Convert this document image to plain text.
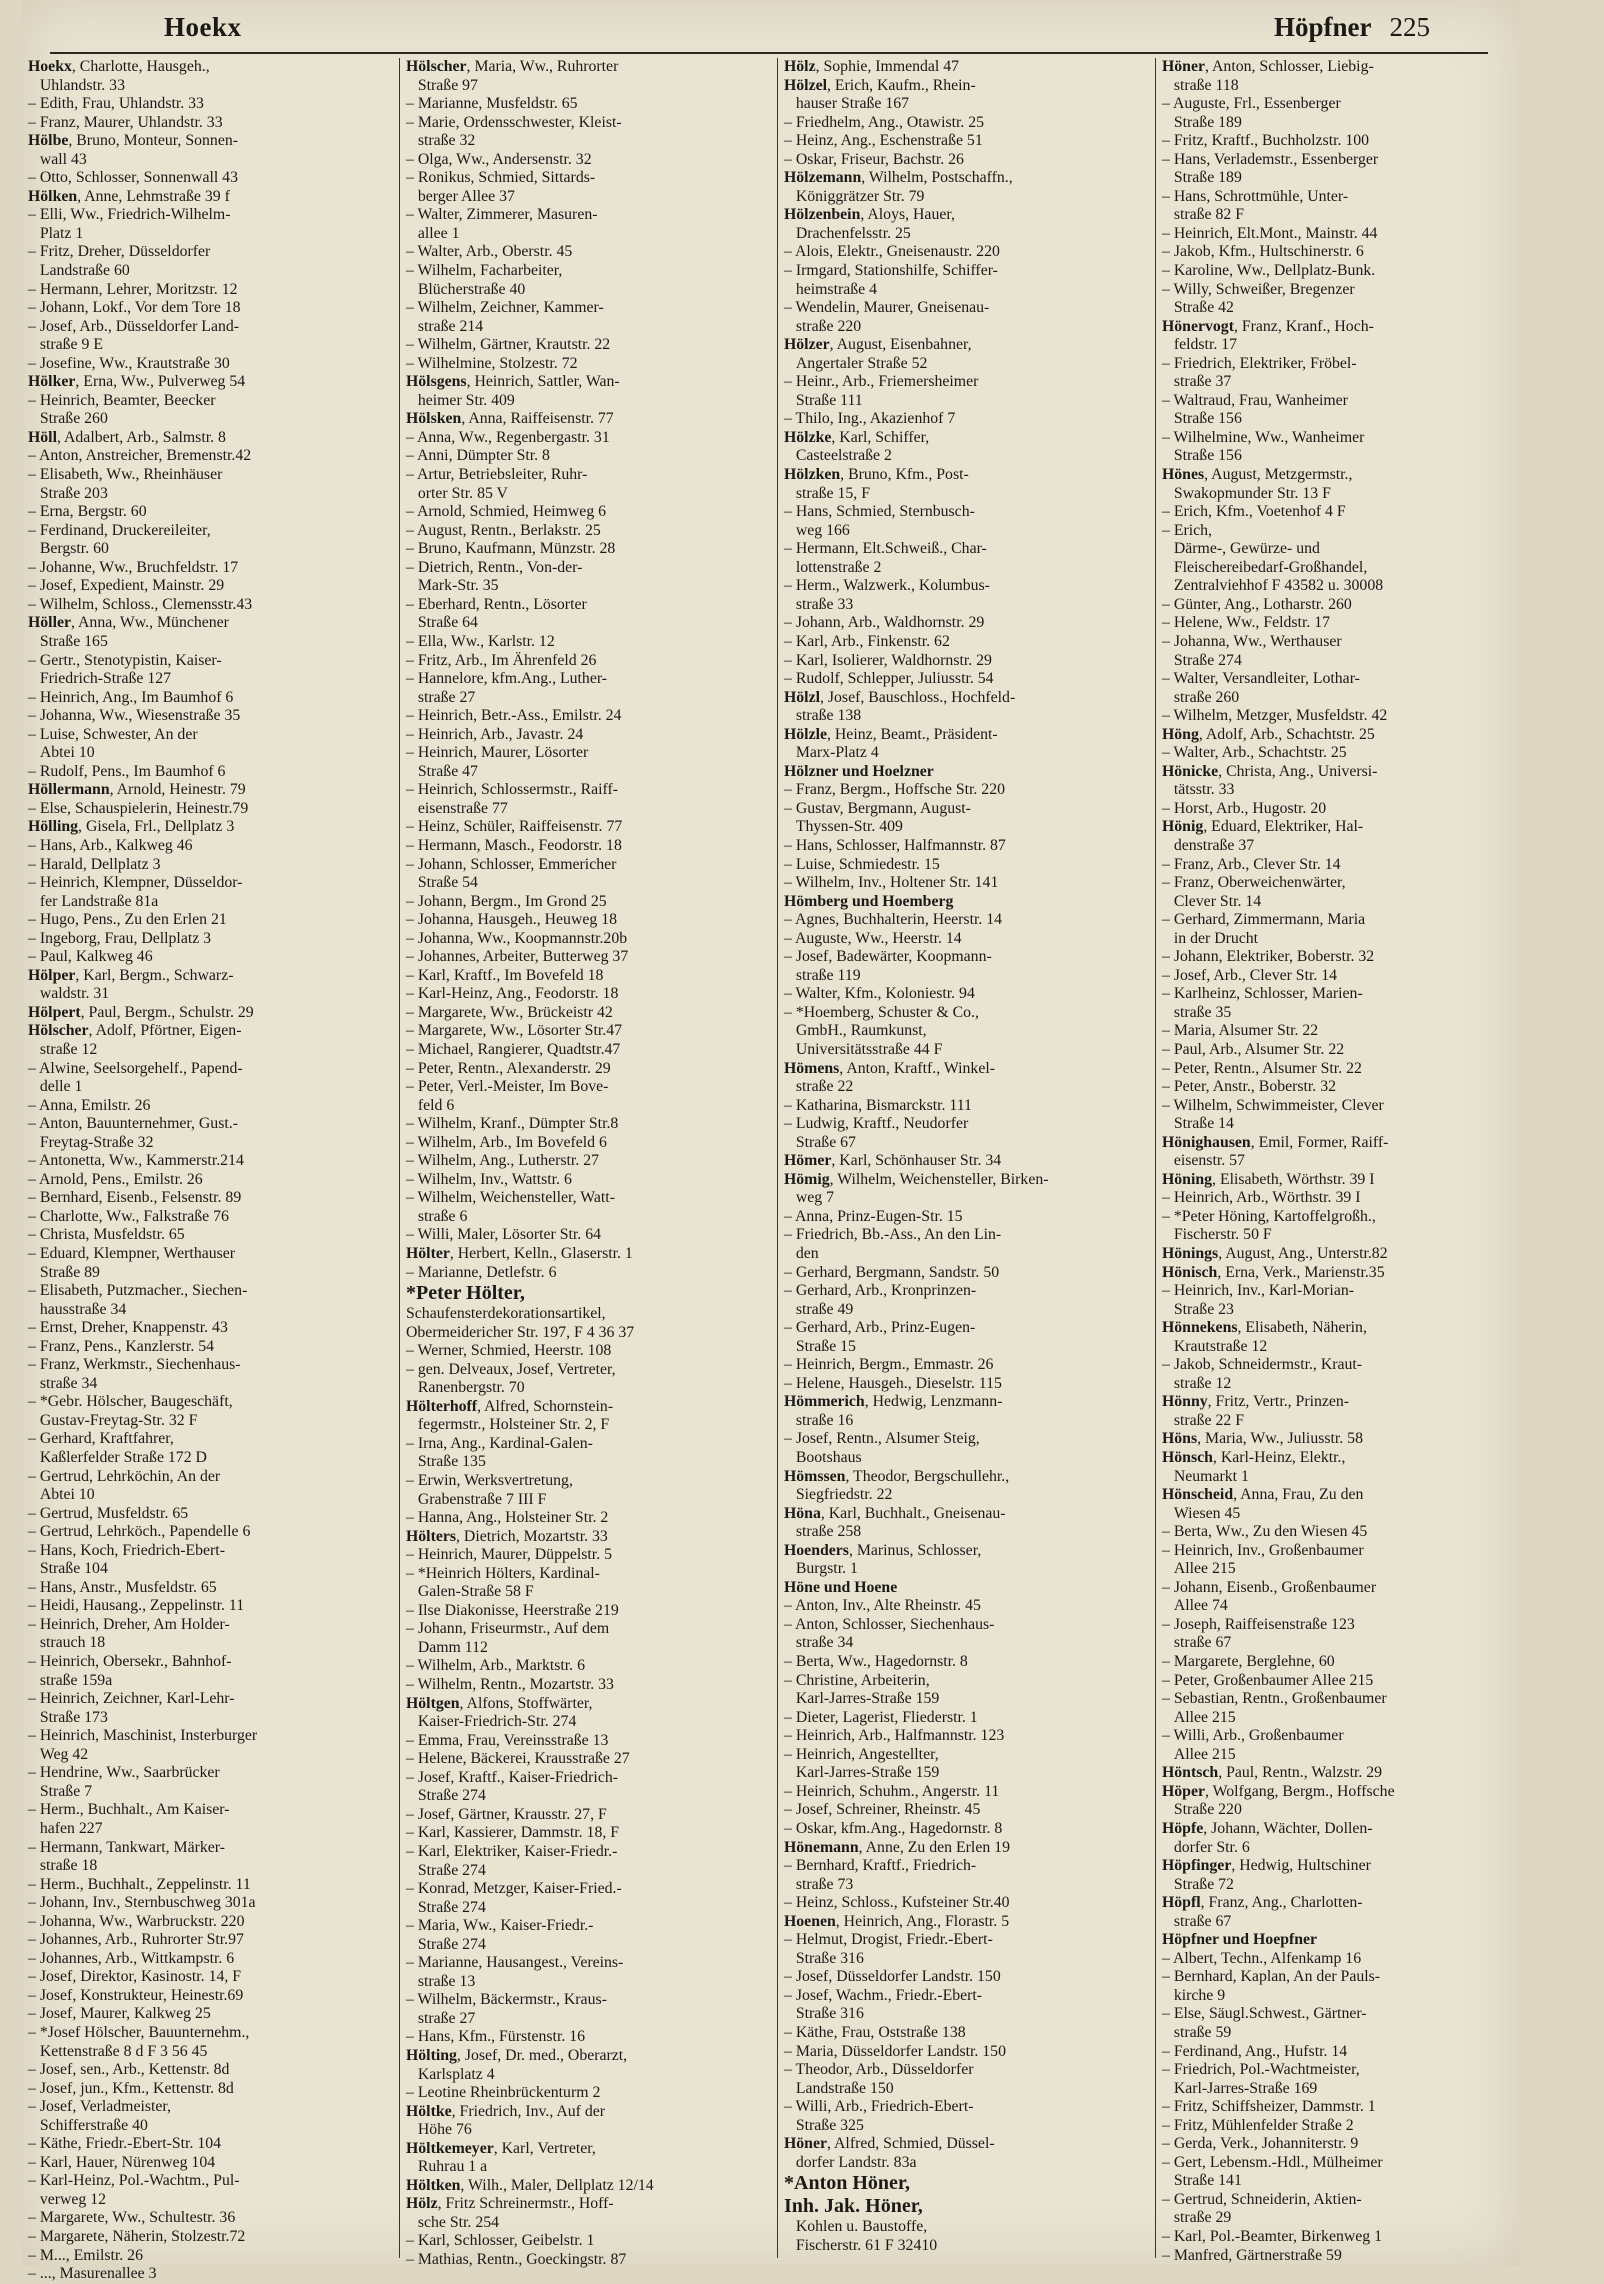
Hoekx	Höpfner 225
Hoekx, Charlotte, Hausgeh.,
Uhlandstr. 33
– Edith, Frau, Uhlandstr. 33
– Franz, Maurer, Uhlandstr. 33
Hölbe, Bruno, Monteur, Sonnen-
wall 43
– Otto, Schlosser, Sonnenwall 43
Hölken, Anne, Lehmstraße 39 f
– Elli, Ww., Friedrich-Wilhelm-
Platz 1
– Fritz, Dreher, Düsseldorfer
Landstraße 60
– Hermann, Lehrer, Moritzstr. 12
– Johann, Lokf., Vor dem Tore 18
– Josef, Arb., Düsseldorfer Land-
straße 9 E
– Josefine, Ww., Krautstraße 30
Hölker, Erna, Ww., Pulverweg 54
– Heinrich, Beamter, Beecker
Straße 260
Höll, Adalbert, Arb., Salmstr. 8
– Anton, Anstreicher, Bremenstr.42
– Elisabeth, Ww., Rheinhäuser
Straße 203
– Erna, Bergstr. 60
– Ferdinand, Druckereileiter,
Bergstr. 60
– Johanne, Ww., Bruchfeldstr. 17
– Josef, Expedient, Mainstr. 29
– Wilhelm, Schloss., Clemensstr.43
Höller, Anna, Ww., Münchener
Straße 165
– Gertr., Stenotypistin, Kaiser-
Friedrich-Straße 127
– Heinrich, Ang., Im Baumhof 6
– Johanna, Ww., Wiesenstraße 35
– Luise, Schwester, An der
Abtei 10
– Rudolf, Pens., Im Baumhof 6
Höllermann, Arnold, Heinestr. 79
– Else, Schauspielerin, Heinestr.79
Hölling, Gisela, Frl., Dellplatz 3
– Hans, Arb., Kalkweg 46
– Harald, Dellplatz 3
– Heinrich, Klempner, Düsseldor-
fer Landstraße 81a
– Hugo, Pens., Zu den Erlen 21
– Ingeborg, Frau, Dellplatz 3
– Paul, Kalkweg 46
Hölper, Karl, Bergm., Schwarz-
waldstr. 31
Hölpert, Paul, Bergm., Schulstr. 29
Hölscher, Adolf, Pförtner, Eigen-
straße 12
– Alwine, Seelsorgehelf., Papend-
delle 1
– Anna, Emilstr. 26
– Anton, Bauunternehmer, Gust.-
Freytag-Straße 32
– Antonetta, Ww., Kammerstr.214
– Arnold, Pens., Emilstr. 26
– Bernhard, Eisenb., Felsenstr. 89
– Charlotte, Ww., Falkstraße 76
– Christa, Musfeldstr. 65
– Eduard, Klempner, Werthauser
Straße 89
– Elisabeth, Putzmacher., Siechen-
hausstraße 34
– Ernst, Dreher, Knappenstr. 43
– Franz, Pens., Kanzlerstr. 54
– Franz, Werkmstr., Siechenhaus-
straße 34
– *Gebr. Hölscher, Baugeschäft,
Gustav-Freytag-Str. 32 F
– Gerhard, Kraftfahrer,
Kaßlerfelder Straße 172 D
– Gertrud, Lehrköchin, An der
Abtei 10
– Gertrud, Musfeldstr. 65
– Gertrud, Lehrköch., Papendelle 6
– Hans, Koch, Friedrich-Ebert-
Straße 104
– Hans, Anstr., Musfeldstr. 65
– Heidi, Hausang., Zeppelinstr. 11
– Heinrich, Dreher, Am Holder-
strauch 18
– Heinrich, Obersekr., Bahnhof-
straße 159a
– Heinrich, Zeichner, Karl-Lehr-
Straße 173
– Heinrich, Maschinist, Insterburger
Weg 42
– Hendrine, Ww., Saarbrücker
Straße 7
– Herm., Buchhalt., Am Kaiser-
hafen 227
– Hermann, Tankwart, Märker-
straße 18
– Herm., Buchhalt., Zeppelinstr. 11
– Johann, Inv., Sternbuschweg 301a
– Johanna, Ww., Warbruckstr. 220
– Johannes, Arb., Ruhrorter Str.97
– Johannes, Arb., Wittkampstr. 6
– Josef, Direktor, Kasinostr. 14, F
– Josef, Konstrukteur, Heinestr.69
– Josef, Maurer, Kalkweg 25
– *Josef Hölscher, Bauunternehm.,
Kettenstraße 8 d F 3 56 45
– Josef, sen., Arb., Kettenstr. 8d
– Josef, jun., Kfm., Kettenstr. 8d
– Josef, Verladmeister,
Schifferstraße 40
– Käthe, Friedr.-Ebert-Str. 104
– Karl, Hauer, Nürenweg 104
– Karl-Heinz, Pol.-Wachtm., Pul-
verweg 12
– Margarete, Ww., Schultestr. 36
– Margarete, Näherin, Stolzestr.72
– M..., Emilstr. 26
– ..., Masurenallee 3
Hölscher, Maria, Ww., Ruhrorter
Straße 97
– Marianne, Musfeldstr. 65
– Marie, Ordensschwester, Kleist-
straße 32
– Olga, Ww., Andersenstr. 32
– Ronikus, Schmied, Sittards-
berger Allee 37
– Walter, Zimmerer, Masuren-
allee 1
– Walter, Arb., Oberstr. 45
– Wilhelm, Facharbeiter,
Blücherstraße 40
– Wilhelm, Zeichner, Kammer-
straße 214
– Wilhelm, Gärtner, Krautstr. 22
– Wilhelmine, Stolzestr. 72
Hölsgens, Heinrich, Sattler, Wan-
heimer Str. 409
Hölsken, Anna, Raiffeisenstr. 77
– Anna, Ww., Regenbergastr. 31
– Anni, Dümpter Str. 8
– Artur, Betriebsleiter, Ruhr-
orter Str. 85 V
– Arnold, Schmied, Heimweg 6
– August, Rentn., Berlakstr. 25
– Bruno, Kaufmann, Münzstr. 28
– Dietrich, Rentn., Von-der-
Mark-Str. 35
– Eberhard, Rentn., Lösorter
Straße 64
– Ella, Ww., Karlstr. 12
– Fritz, Arb., Im Ährenfeld 26
– Hannelore, kfm.Ang., Luther-
straße 27
– Heinrich, Betr.-Ass., Emilstr. 24
– Heinrich, Arb., Javastr. 24
– Heinrich, Maurer, Lösorter
Straße 47
– Heinrich, Schlossermstr., Raiff-
eisenstraße 77
– Heinz, Schüler, Raiffeisenstr. 77
– Hermann, Masch., Feodorstr. 18
– Johann, Schlosser, Emmericher
Straße 54
– Johann, Bergm., Im Grond 25
– Johanna, Hausgeh., Heuweg 18
– Johanna, Ww., Koopmannstr.20b
– Johannes, Arbeiter, Butterweg 37
– Karl, Kraftf., Im Bovefeld 18
– Karl-Heinz, Ang., Feodorstr. 18
– Margarete, Ww., Brückeistr 42
– Margarete, Ww., Lösorter Str.47
– Michael, Rangierer, Quadtstr.47
– Peter, Rentn., Alexanderstr. 29
– Peter, Verl.-Meister, Im Bove-
feld 6
– Wilhelm, Kranf., Dümpter Str.8
– Wilhelm, Arb., Im Bovefeld 6
– Wilhelm, Ang., Lutherstr. 27
– Wilhelm, Inv., Wattstr. 6
– Wilhelm, Weichensteller, Watt-
straße 6
– Willi, Maler, Lösorter Str. 64
Hölter, Herbert, Kelln., Glaserstr. 1
– Marianne, Detlefstr. 6
*Peter Hölter,
Schaufensterdekorationsartikel,
Obermeidericher Str. 197, F 4 36 37
– Werner, Schmied, Heerstr. 108
– gen. Delveaux, Josef, Vertreter,
Ranenbergstr. 70
Hölterhoff, Alfred, Schornstein-
fegermstr., Holsteiner Str. 2, F
– Irna, Ang., Kardinal-Galen-
Straße 135
– Erwin, Werksvertretung,
Grabenstraße 7 III F
– Hanna, Ang., Holsteiner Str. 2
Hölters, Dietrich, Mozartstr. 33
– Heinrich, Maurer, Düppelstr. 5
– *Heinrich Hölters, Kardinal-
Galen-Straße 58 F
– Ilse Diakonisse, Heerstraße 219
– Johann, Friseurmstr., Auf dem
Damm 112
– Wilhelm, Arb., Marktstr. 6
– Wilhelm, Rentn., Mozartstr. 33
Höltgen, Alfons, Stoffwärter,
Kaiser-Friedrich-Str. 274
– Emma, Frau, Vereinsstraße 13
– Helene, Bäckerei, Krausstraße 27
– Josef, Kraftf., Kaiser-Friedrich-
Straße 274
– Josef, Gärtner, Krausstr. 27, F
– Karl, Kassierer, Dammstr. 18, F
– Karl, Elektriker, Kaiser-Friedr.-
Straße 274
– Konrad, Metzger, Kaiser-Fried.-
Straße 274
– Maria, Ww., Kaiser-Friedr.-
Straße 274
– Marianne, Hausangest., Vereins-
straße 13
– Wilhelm, Bäckermstr., Kraus-
straße 27
– Hans, Kfm., Fürstenstr. 16
Hölting, Josef, Dr. med., Oberarzt,
Karlsplatz 4
– Leotine Rheinbrückenturm 2
Höltke, Friedrich, Inv., Auf der
Höhe 76
Höltkemeyer, Karl, Vertreter,
Ruhrau 1 a
Höltken, Wilh., Maler, Dellplatz 12/14
Hölz, Fritz Schreinermstr., Hoff-
sche Str. 254
– Karl, Schlosser, Geibelstr. 1
– Mathias, Rentn., Goeckingstr. 87
Hölz, Sophie, Immendal 47
Hölzel, Erich, Kaufm., Rhein-
hauser Straße 167
– Friedhelm, Ang., Otawistr. 25
– Heinz, Ang., Eschenstraße 51
– Oskar, Friseur, Bachstr. 26
Hölzemann, Wilhelm, Postschaffn.,
Königgrätzer Str. 79
Hölzenbein, Aloys, Hauer,
Drachenfelsstr. 25
– Alois, Elektr., Gneisenaustr. 220
– Irmgard, Stationshilfe, Schiffer-
heimstraße 4
– Wendelin, Maurer, Gneisenau-
straße 220
Hölzer, August, Eisenbahner,
Angertaler Straße 52
– Heinr., Arb., Friemersheimer
Straße 111
– Thilo, Ing., Akazienhof 7
Hölzke, Karl, Schiffer,
Casteelstraße 2
Hölzken, Bruno, Kfm., Post-
straße 15, F
– Hans, Schmied, Sternbusch-
weg 166
– Hermann, Elt.Schweiß., Char-
lottenstraße 2
– Herm., Walzwerk., Kolumbus-
straße 33
– Johann, Arb., Waldhornstr. 29
– Karl, Arb., Finkenstr. 62
– Karl, Isolierer, Waldhornstr. 29
– Rudolf, Schlepper, Juliusstr. 54
Hölzl, Josef, Bauschloss., Hochfeld-
straße 138
Hölzle, Heinz, Beamt., Präsident-
Marx-Platz 4
Hölzner und Hoelzner
– Franz, Bergm., Hoffsche Str. 220
– Gustav, Bergmann, August-
Thyssen-Str. 409
– Hans, Schlosser, Halfmannstr. 87
– Luise, Schmiedestr. 15
– Wilhelm, Inv., Holtener Str. 141
Hömberg und Hoemberg
– Agnes, Buchhalterin, Heerstr. 14
– Auguste, Ww., Heerstr. 14
– Josef, Badewärter, Koopmann-
straße 119
– Walter, Kfm., Koloniestr. 94
– *Hoemberg, Schuster & Co.,
GmbH., Raumkunst,
Universitätsstraße 44 F
Hömens, Anton, Kraftf., Winkel-
straße 22
– Katharina, Bismarckstr. 111
– Ludwig, Kraftf., Neudorfer
Straße 67
Hömer, Karl, Schönhauser Str. 34
Hömig, Wilhelm, Weichensteller, Birken-
weg 7
– Anna, Prinz-Eugen-Str. 15
– Friedrich, Bb.-Ass., An den Lin-
den
– Gerhard, Bergmann, Sandstr. 50
– Gerhard, Arb., Kronprinzen-
straße 49
– Gerhard, Arb., Prinz-Eugen-
Straße 15
– Heinrich, Bergm., Emmastr. 26
– Helene, Hausgeh., Dieselstr. 115
Hömmerich, Hedwig, Lenzmann-
straße 16
– Josef, Rentn., Alsumer Steig,
Bootshaus
Hömssen, Theodor, Bergschullehr.,
Siegfriedstr. 22
Höna, Karl, Buchhalt., Gneisenau-
straße 258
Hoenders, Marinus, Schlosser,
Burgstr. 1
Höne und Hoene
– Anton, Inv., Alte Rheinstr. 45
– Anton, Schlosser, Siechenhaus-
straße 34
– Berta, Ww., Hagedornstr. 8
– Christine, Arbeiterin,
Karl-Jarres-Straße 159
– Dieter, Lagerist, Fliederstr. 1
– Heinrich, Arb., Halfmannstr. 123
– Heinrich, Angestellter,
Karl-Jarres-Straße 159
– Heinrich, Schuhm., Angerstr. 11
– Josef, Schreiner, Rheinstr. 45
– Oskar, kfm.Ang., Hagedornstr. 8
Hönemann, Anne, Zu den Erlen 19
– Bernhard, Kraftf., Friedrich-
straße 73
– Heinz, Schloss., Kufsteiner Str.40
Hoenen, Heinrich, Ang., Florastr. 5
– Helmut, Drogist, Friedr.-Ebert-
Straße 316
– Josef, Düsseldorfer Landstr. 150
– Josef, Wachm., Friedr.-Ebert-
Straße 316
– Käthe, Frau, Oststraße 138
– Maria, Düsseldorfer Landstr. 150
– Theodor, Arb., Düsseldorfer
Landstraße 150
– Willi, Arb., Friedrich-Ebert-
Straße 325
Höner, Alfred, Schmied, Düssel-
dorfer Landstr. 83a
*Anton Höner,
Inh. Jak. Höner,
Kohlen u. Baustoffe,
Fischerstr. 61 F 32410
Höner, Anton, Schlosser, Liebig-
straße 118
– Auguste, Frl., Essenberger
Straße 189
– Fritz, Kraftf., Buchholzstr. 100
– Hans, Verlademstr., Essenberger
Straße 189
– Hans, Schrottmühle, Unter-
straße 82 F
– Heinrich, Elt.Mont., Mainstr. 44
– Jakob, Kfm., Hultschinerstr. 6
– Karoline, Ww., Dellplatz-Bunk.
– Willy, Schweißer, Bregenzer
Straße 42
Hönervogt, Franz, Kranf., Hoch-
feldstr. 17
– Friedrich, Elektriker, Fröbel-
straße 37
– Waltraud, Frau, Wanheimer
Straße 156
– Wilhelmine, Ww., Wanheimer
Straße 156
Hönes, August, Metzgermstr.,
Swakopmunder Str. 13 F
– Erich, Kfm., Voetenhof 4 F
– Erich,
Därme-, Gewürze- und
Fleischereibedarf-Großhandel,
Zentralviehhof F 43582 u. 30008
– Günter, Ang., Lotharstr. 260
– Helene, Ww., Feldstr. 17
– Johanna, Ww., Werthauser
Straße 274
– Walter, Versandleiter, Lothar-
straße 260
– Wilhelm, Metzger, Musfeldstr. 42
Höng, Adolf, Arb., Schachtstr. 25
– Walter, Arb., Schachtstr. 25
Hönicke, Christa, Ang., Universi-
tätsstr. 33
– Horst, Arb., Hugostr. 20
Hönig, Eduard, Elektriker, Hal-
denstraße 37
– Franz, Arb., Clever Str. 14
– Franz, Oberweichenwärter,
Clever Str. 14
– Gerhard, Zimmermann, Maria
in der Drucht
– Johann, Elektriker, Boberstr. 32
– Josef, Arb., Clever Str. 14
– Karlheinz, Schlosser, Marien-
straße 35
– Maria, Alsumer Str. 22
– Paul, Arb., Alsumer Str. 22
– Peter, Rentn., Alsumer Str. 22
– Peter, Anstr., Boberstr. 32
– Wilhelm, Schwimmeister, Clever
Straße 14
Hönighausen, Emil, Former, Raiff-
eisenstr. 57
Höning, Elisabeth, Wörthstr. 39 I
– Heinrich, Arb., Wörthstr. 39 I
– *Peter Höning, Kartoffelgroßh.,
Fischerstr. 50 F
Hönings, August, Ang., Unterstr.82
Hönisch, Erna, Verk., Marienstr.35
– Heinrich, Inv., Karl-Morian-
Straße 23
Hönnekens, Elisabeth, Näherin,
Krautstraße 12
– Jakob, Schneidermstr., Kraut-
straße 12
Hönny, Fritz, Vertr., Prinzen-
straße 22 F
Höns, Maria, Ww., Juliusstr. 58
Hönsch, Karl-Heinz, Elektr.,
Neumarkt 1
Hönscheid, Anna, Frau, Zu den
Wiesen 45
– Berta, Ww., Zu den Wiesen 45
– Heinrich, Inv., Großenbaumer
Allee 215
– Johann, Eisenb., Großenbaumer
Allee 74
– Joseph, Raiffeisenstraße 123
straße 67
– Margarete, Berglehne, 60
– Peter, Großenbaumer Allee 215
– Sebastian, Rentn., Großenbaumer
Allee 215
– Willi, Arb., Großenbaumer
Allee 215
Höntsch, Paul, Rentn., Walzstr. 29
Höper, Wolfgang, Bergm., Hoffsche
Straße 220
Höpfe, Johann, Wächter, Dollen-
dorfer Str. 6
Höpfinger, Hedwig, Hultschiner
Straße 72
Höpfl, Franz, Ang., Charlotten-
straße 67
Höpfner und Hoepfner
– Albert, Techn., Alfenkamp 16
– Bernhard, Kaplan, An der Pauls-
kirche 9
– Else, Säugl.Schwest., Gärtner-
straße 59
– Ferdinand, Ang., Hufstr. 14
– Friedrich, Pol.-Wachtmeister,
Karl-Jarres-Straße 169
– Fritz, Schiffsheizer, Dammstr. 1
– Fritz, Mühlenfelder Straße 2
– Gerda, Verk., Johanniterstr. 9
– Gert, Lebensm.-Hdl., Mülheimer
Straße 141
– Gertrud, Schneiderin, Aktien-
straße 29
– Karl, Pol.-Beamter, Birkenweg 1
– Manfred, Gärtnerstraße 59
